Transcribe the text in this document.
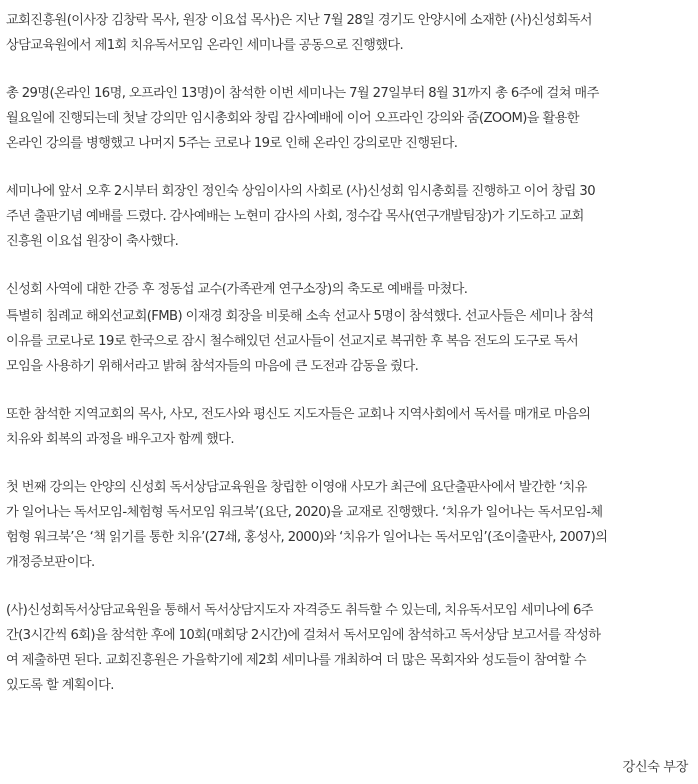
교회진흥원(이사장 김창락 목사, 원장 이요섭 목사)은 지난 7월 28일 경기도 안양시에 소재한 (사)신성회독서
상담교육원에서 제1회 치유독서모임 온라인 세미나를 공동으로 진행했다.

총 29명(온라인 16명, 오프라인 13명)이 참석한 이번 세미나는 7월 27일부터 8월 31까지 총 6주에 걸쳐 매주
월요일에 진행되는데 첫날 강의만 임시총회와 창립 감사예배에 이어 오프라인 강의와 줌(ZOOM)을 활용한
온라인 강의를 병행했고 나머지 5주는 코로나 19로 인해 온라인 강의로만 진행된다.

세미나에 앞서 오후 2시부터 회장인 정인숙 상임이사의 사회로 (사)신성회 임시총회를 진행하고 이어 창립 30
주년 출판기념 예배를 드렸다. 감사예배는 노현미 감사의 사회, 정수갑 목사(연구개발팀장)가 기도하고 교회
진흥원 이요섭 원장이 축사했다.

신성회 사역에 대한 간증 후 정동섭 교수(가족관계 연구소장)의 축도로 예배를 마쳤다.

특별히 침례교 해외선교회(FMB) 이재경 회장을 비롯해 소속 선교사 5명이 참석했다. 선교사들은 세미나 참석
이유를 코로나로 19로 한국으로 잠시 철수해있던 선교사들이 선교지로 복귀한 후 복음 전도의 도구로 독서
모임을 사용하기 위해서라고 밝혀 참석자들의 마음에 큰 도전과 감동을 줬다.

또한 참석한 지역교회의 목사, 사모, 전도사와 평신도 지도자들은 교회나 지역사회에서 독서를 매개로 마음의
치유와 회복의 과정을 배우고자 함께 했다.

첫 번째 강의는 안양의 신성회 독서상담교육원을 창립한 이영애 사모가 최근에 요단출판사에서 발간한 ‘치유
가 일어나는 독서모임-체험형 독서모임 워크북’(요단, 2020)을 교재로 진행했다. ‘치유가 일어나는 독서모임-체
험형 워크북’은 ‘책 읽기를 통한 치유’(27쇄, 홍성사, 2000)와 ‘치유가 일어나는 독서모임’(조이출판사, 2007)의
개정증보판이다.

(사)신성회독서상담교육원을 통해서 독서상담지도자 자격증도 취득할 수 있는데, 치유독서모임 세미나에 6주
간(3시간씩 6회)을 참석한 후에 10회(매회당 2시간)에 걸쳐서 독서모임에 참석하고 독서상담 보고서를 작성하
여 제출하면 된다. 교회진흥원은 가을학기에 제2회 세미나를 개최하여 더 많은 목회자와 성도들이 참여할 수
있도록 할 계획이다.

강신숙 부장
